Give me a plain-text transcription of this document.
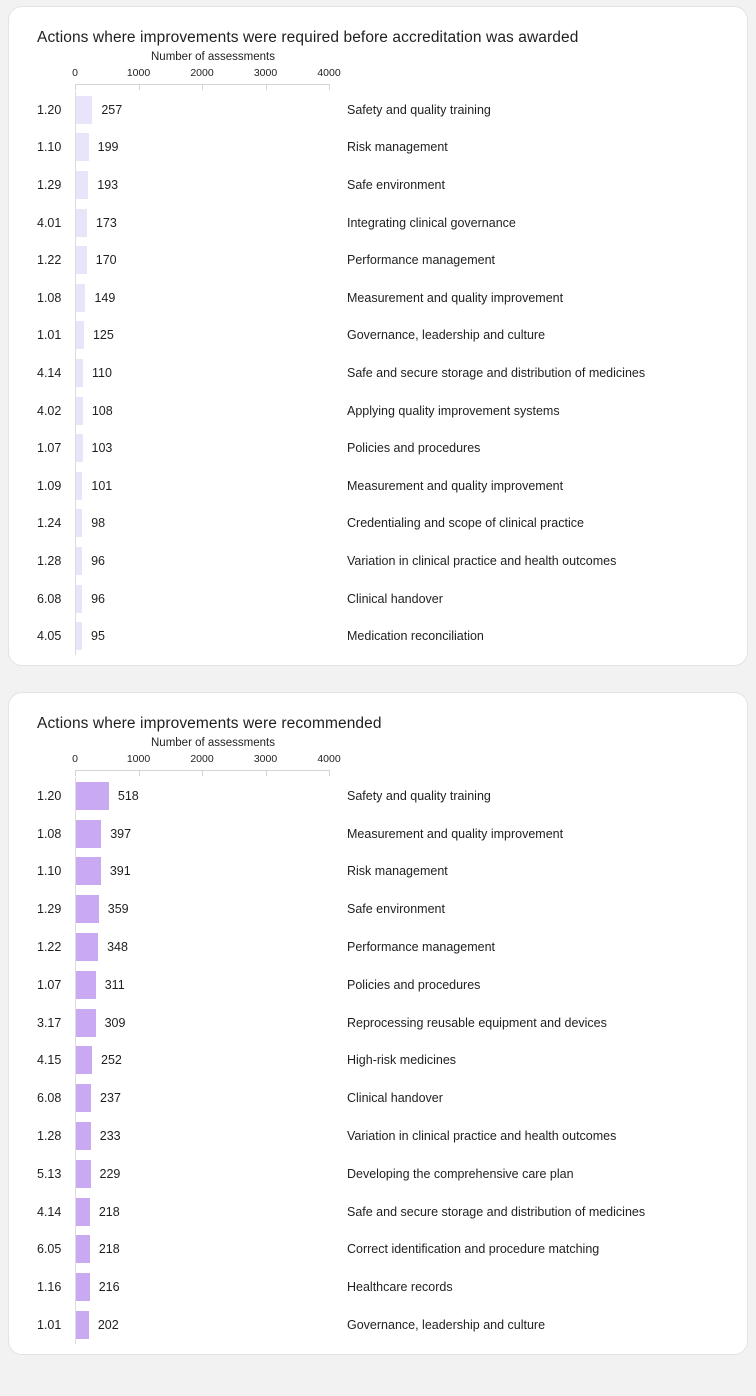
Actions where improvements were required before accreditation was awarded
Number of assessments
0	1000	2000	3000	4000
1.20	257	Safety and quality training
1.10	199	Risk management
1.29	193	Safe environment
4.01	173	Integrating clinical governance
1.22	170	Performance management
1.08	149	Measurement and quality improvement
1.01	125	Governance, leadership and culture
4.14	110	Safe and secure storage and distribution of medicines
4.02	108	Applying quality improvement systems
1.07	103	Policies and procedures
1.09	101	Measurement and quality improvement
1.24	98	Credentialing and scope of clinical practice
1.28	96	Variation in clinical practice and health outcomes
6.08	96	Clinical handover
4.05	95	Medication reconciliation
Actions where improvements were recommended
Number of assessments
0	1000	2000	3000	4000
1.20	518	Safety and quality training
1.08	397	Measurement and quality improvement
1.10	391	Risk management
1.29	359	Safe environment
1.22	348	Performance management
1.07	311	Policies and procedures
3.17	309	Reprocessing reusable equipment and devices
4.15	252	High-risk medicines
6.08	237	Clinical handover
1.28	233	Variation in clinical practice and health outcomes
5.13	229	Developing the comprehensive care plan
4.14	218	Safe and secure storage and distribution of medicines
6.05	218	Correct identification and procedure matching
1.16	216	Healthcare records
1.01	202	Governance, leadership and culture
